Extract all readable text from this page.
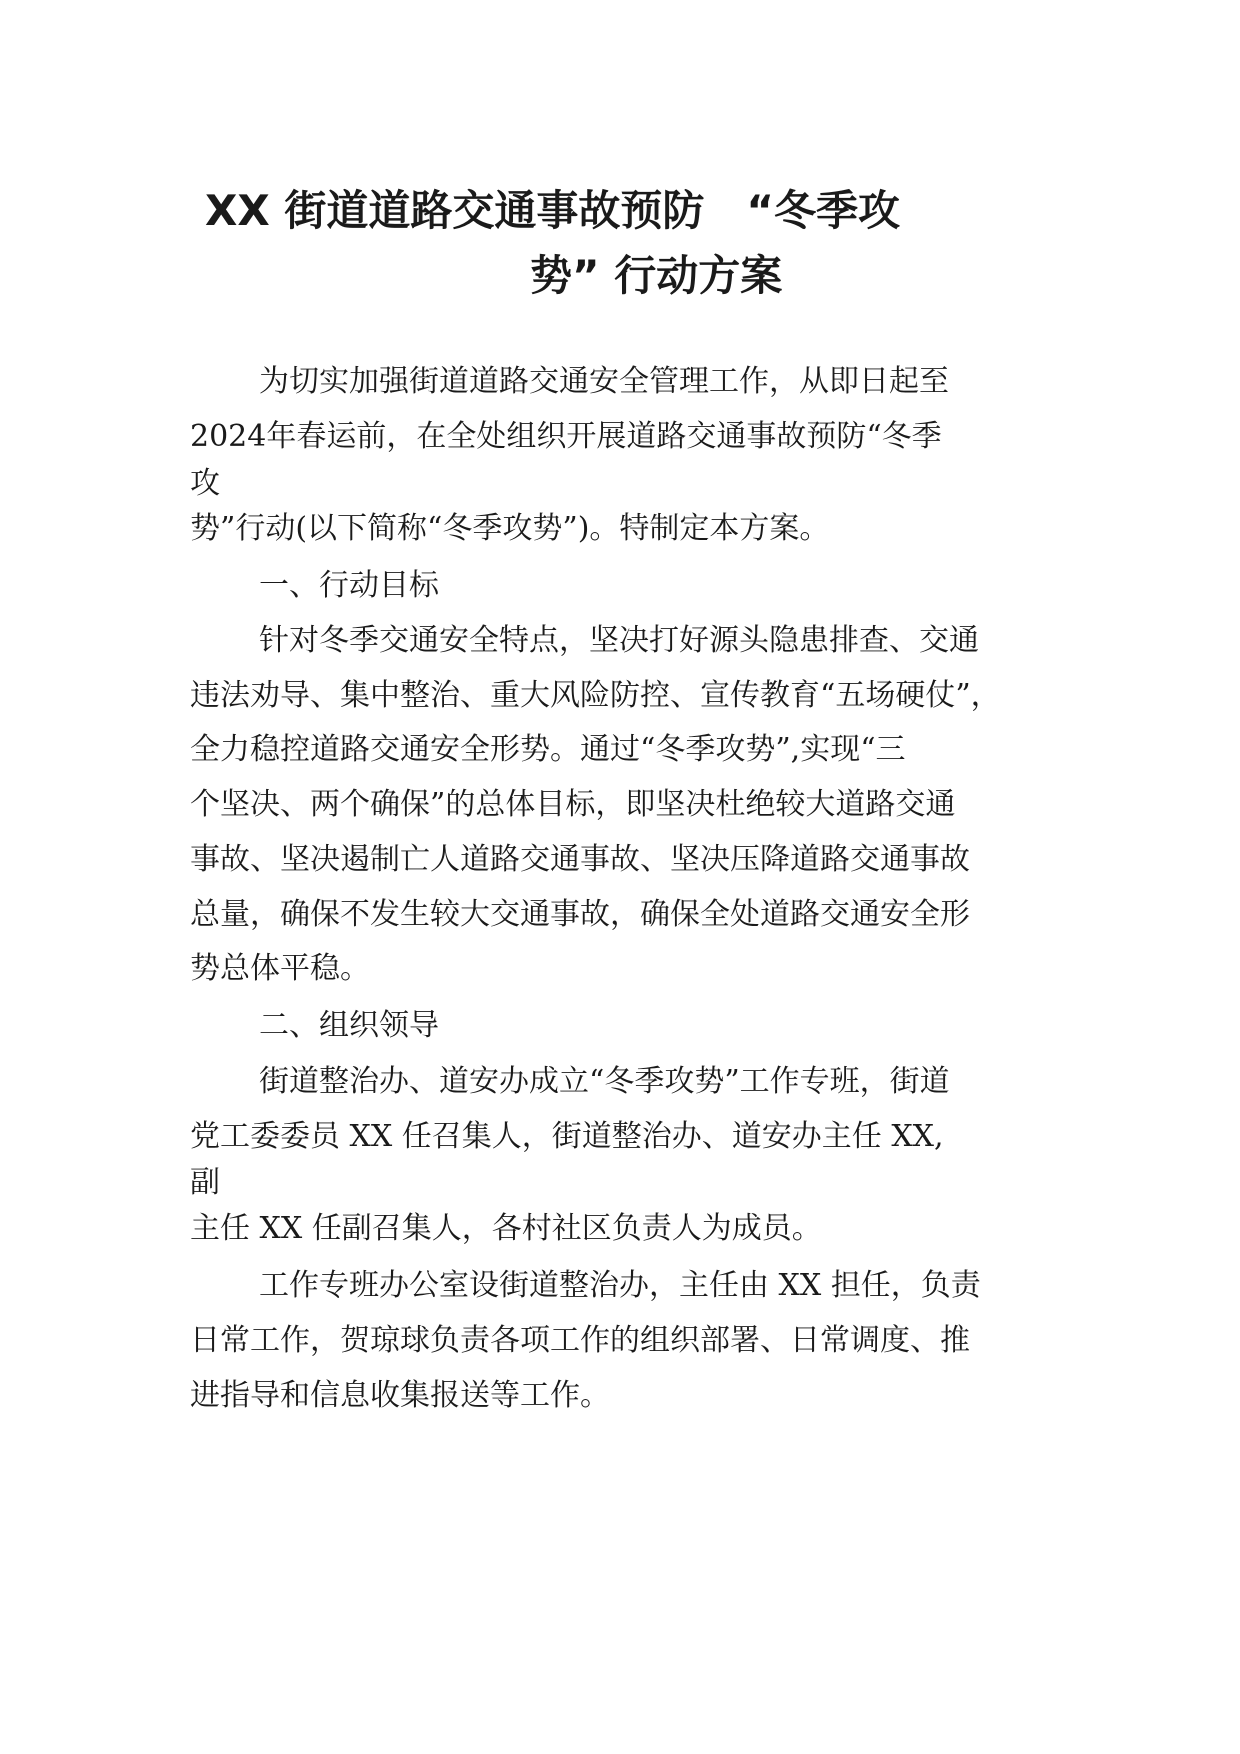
XX 街道道路交通事故预防　“冬季攻
势” 行动方案
为切实加强街道道路交通安全管理工作，从即日起至
2024年春运前，在全处组织开展道路交通事故预防“冬季
攻
势”行动(以下简称“冬季攻势”)。特制定本方案。
一、行动目标
针对冬季交通安全特点，坚决打好源头隐患排查、交通
违法劝导、集中整治、重大风险防控、宣传教育“五场硬仗”，
全力稳控道路交通安全形势。通过“冬季攻势”,实现“三
个坚决、两个确保”的总体目标，即坚决杜绝较大道路交通
事故、坚决遏制亡人道路交通事故、坚决压降道路交通事故
总量，确保不发生较大交通事故，确保全处道路交通安全形
势总体平稳。
二、组织领导
街道整治办、道安办成立“冬季攻势”工作专班，街道
党工委委员 XX 任召集人，街道整治办、道安办主任 XX,
副
主任 XX 任副召集人，各村社区负责人为成员。
工作专班办公室设街道整治办，主任由 XX 担任，负责
日常工作，贺琼球负责各项工作的组织部署、日常调度、推
进指导和信息收集报送等工作。
